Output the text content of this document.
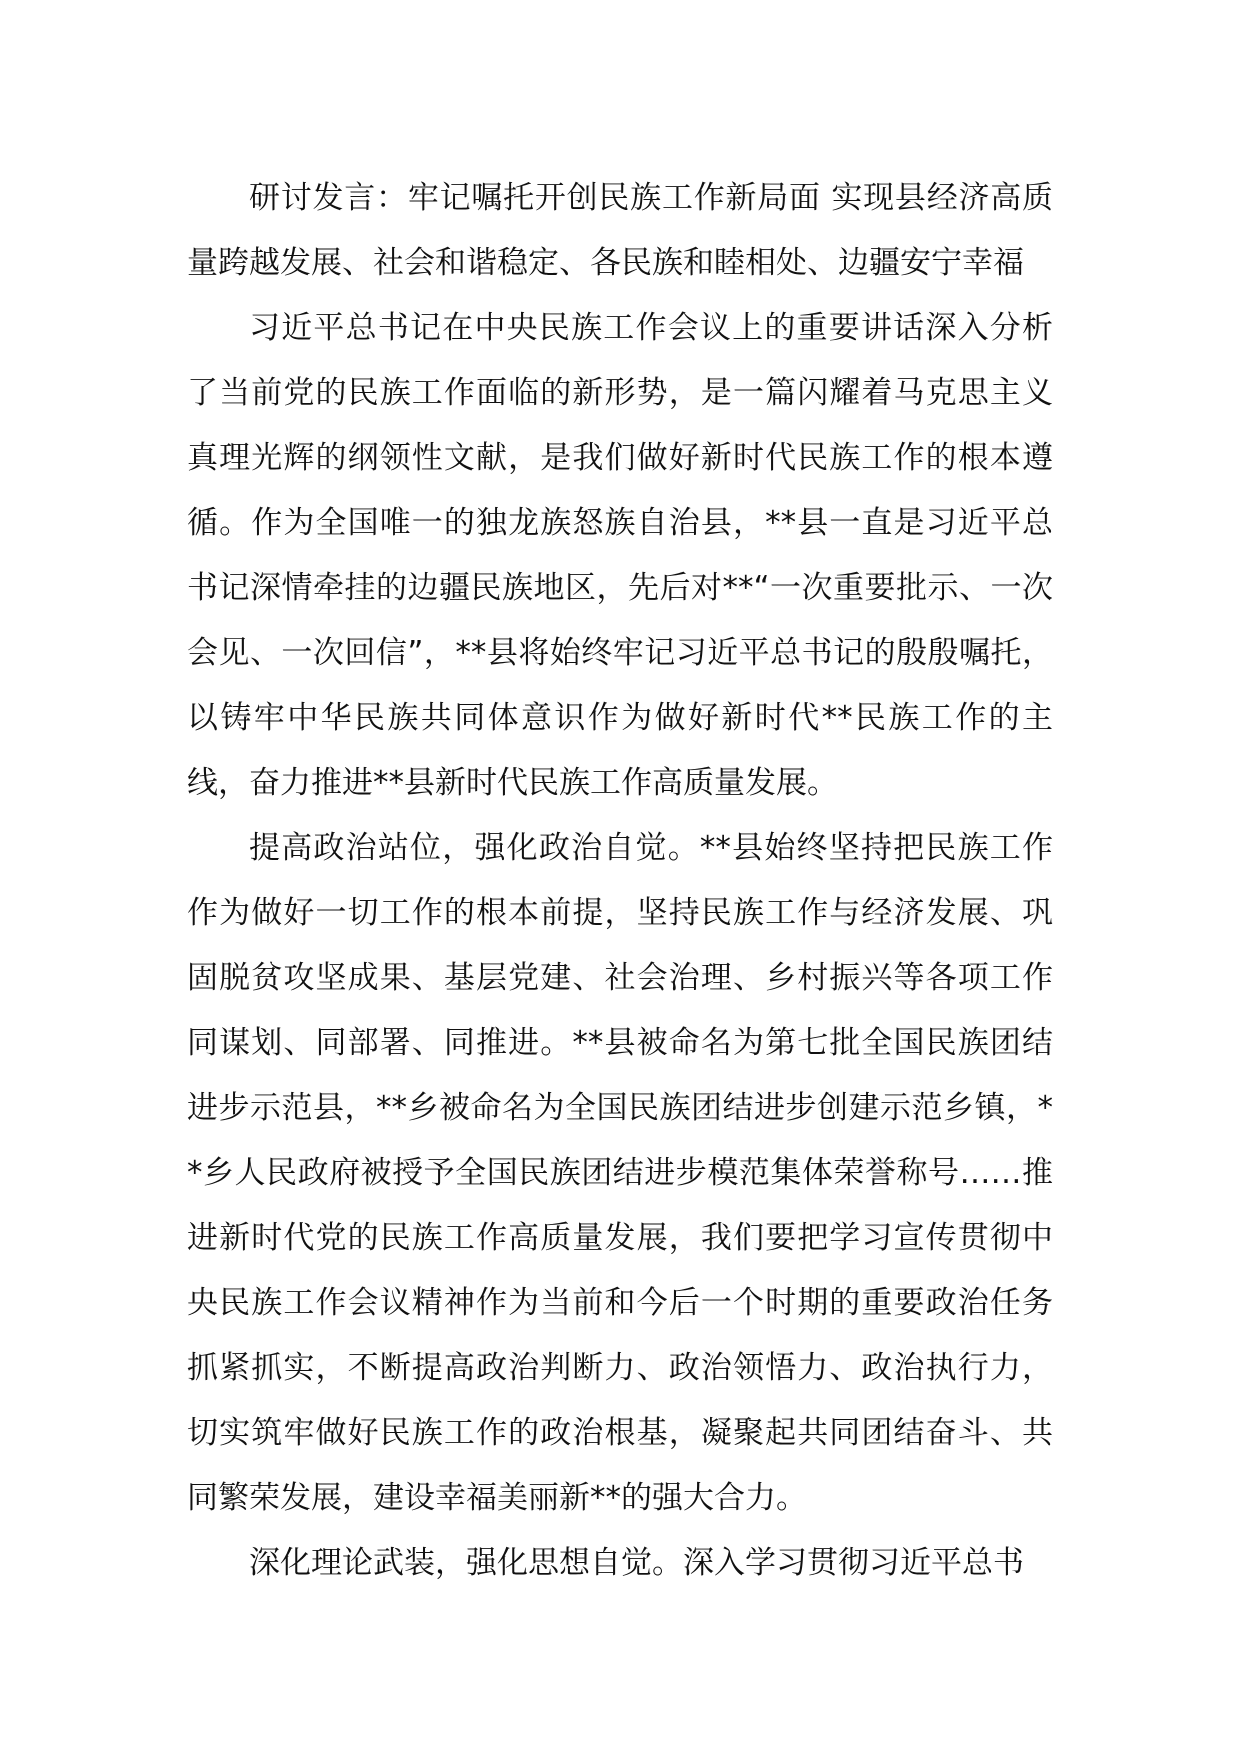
研讨发言：牢记嘱托开创民族工作新局面 实现县经济高质量跨越发展、社会和谐稳定、各民族和睦相处、边疆安宁幸福

习近平总书记在中央民族工作会议上的重要讲话深入分析了当前党的民族工作面临的新形势，是一篇闪耀着马克思主义真理光辉的纲领性文献，是我们做好新时代民族工作的根本遵循。作为全国唯一的独龙族怒族自治县，**县一直是习近平总书记深情牵挂的边疆民族地区，先后对**“一次重要批示、一次会见、一次回信”，**县将始终牢记习近平总书记的殷殷嘱托，以铸牢中华民族共同体意识作为做好新时代**民族工作的主线，奋力推进**县新时代民族工作高质量发展。

提高政治站位，强化政治自觉。**县始终坚持把民族工作作为做好一切工作的根本前提，坚持民族工作与经济发展、巩固脱贫攻坚成果、基层党建、社会治理、乡村振兴等各项工作同谋划、同部署、同推进。**县被命名为第七批全国民族团结进步示范县，**乡被命名为全国民族团结进步创建示范乡镇，**乡人民政府被授予全国民族团结进步模范集体荣誉称号……推进新时代党的民族工作高质量发展，我们要把学习宣传贯彻中央民族工作会议精神作为当前和今后一个时期的重要政治任务抓紧抓实，不断提高政治判断力、政治领悟力、政治执行力，切实筑牢做好民族工作的政治根基，凝聚起共同团结奋斗、共同繁荣发展，建设幸福美丽新**的强大合力。

深化理论武装，强化思想自觉。深入学习贯彻习近平总书
